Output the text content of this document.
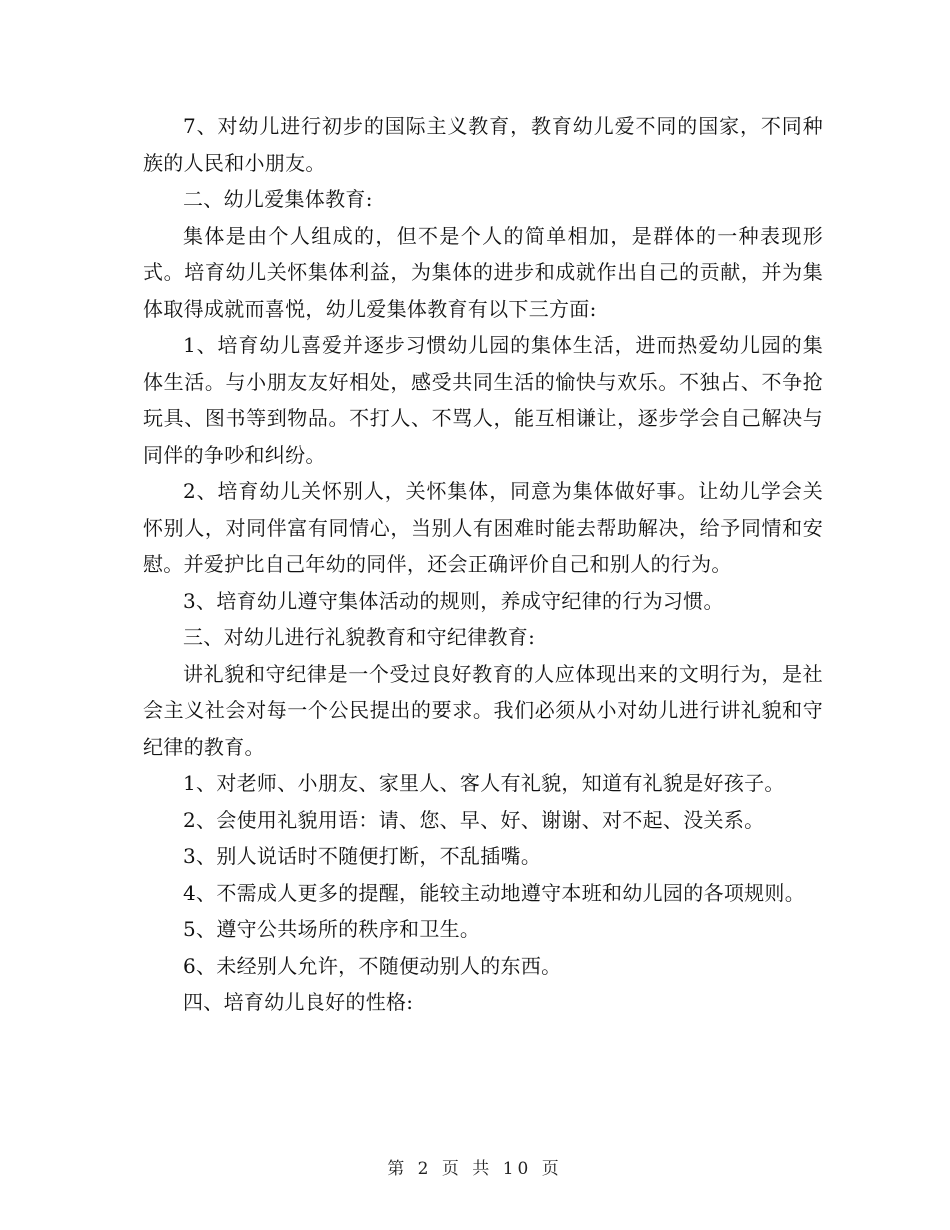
7、对幼儿进行初步的国际主义教育，教育幼儿爱不同的国家，不同种族的人民和小朋友。

二、幼儿爱集体教育:

集体是由个人组成的，但不是个人的简单相加，是群体的一种表现形式。培育幼儿关怀集体利益，为集体的进步和成就作出自己的贡献，并为集体取得成就而喜悦，幼儿爱集体教育有以下三方面:

1、培育幼儿喜爱并逐步习惯幼儿园的集体生活，进而热爱幼儿园的集体生活。与小朋友友好相处，感受共同生活的愉快与欢乐。不独占、不争抢玩具、图书等到物品。不打人、不骂人，能互相谦让，逐步学会自己解决与同伴的争吵和纠纷。

2、培育幼儿关怀别人，关怀集体，同意为集体做好事。让幼儿学会关怀别人，对同伴富有同情心，当别人有困难时能去帮助解决，给予同情和安慰。并爱护比自己年幼的同伴，还会正确评价自己和别人的行为。

3、培育幼儿遵守集体活动的规则，养成守纪律的行为习惯。

三、对幼儿进行礼貌教育和守纪律教育:

讲礼貌和守纪律是一个受过良好教育的人应体现出来的文明行为，是社会主义社会对每一个公民提出的要求。我们必须从小对幼儿进行讲礼貌和守纪律的教育。

1、对老师、小朋友、家里人、客人有礼貌，知道有礼貌是好孩子。

2、会使用礼貌用语：请、您、早、好、谢谢、对不起、没关系。

3、别人说话时不随便打断，不乱插嘴。

4、不需成人更多的提醒，能较主动地遵守本班和幼儿园的各项规则。

5、遵守公共场所的秩序和卫生。

6、未经别人允许，不随便动别人的东西。

四、培育幼儿良好的性格:

第 2 页 共 10 页
